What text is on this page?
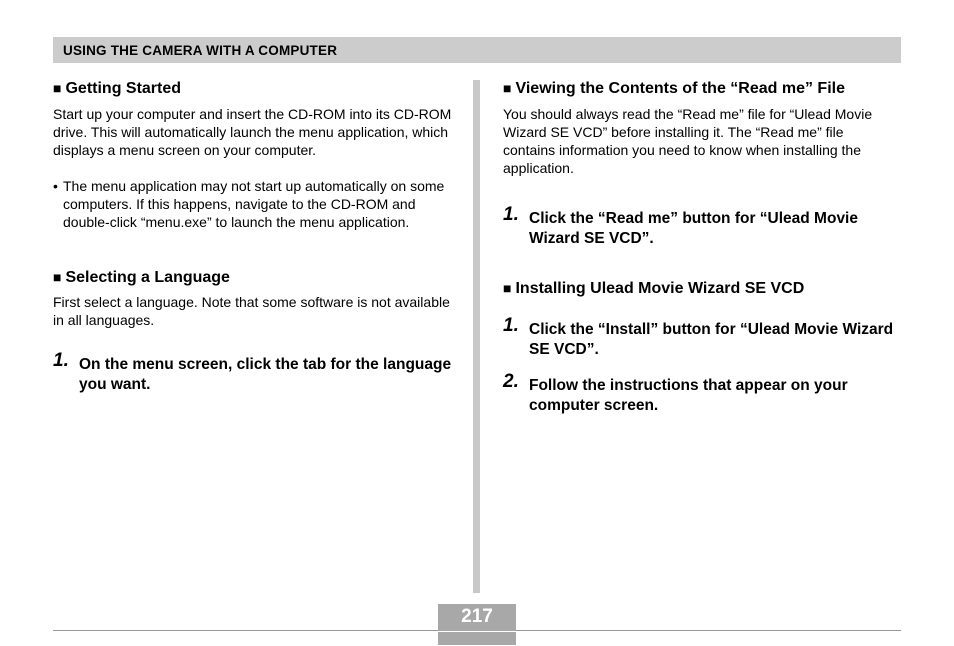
USING THE CAMERA WITH A COMPUTER
■ Getting Started

Start up your computer and insert the CD-ROM into its CD-ROM drive. This will automatically launch the menu application, which displays a menu screen on your computer.

• The menu application may not start up automatically on some computers. If this happens, navigate to the CD-ROM and double-click “menu.exe” to launch the menu application.
■ Selecting a Language

First select a language. Note that some software is not available in all languages.

1. On the menu screen, click the tab for the language you want.
■ Viewing the Contents of the “Read me” File

You should always read the “Read me” file for “Ulead Movie Wizard SE VCD” before installing it. The “Read me” file contains information you need to know when installing the application.

1. Click the “Read me” button for “Ulead Movie Wizard SE VCD”.
■ Installing Ulead Movie Wizard SE VCD
1. Click the “Install” button for “Ulead Movie Wizard SE VCD”.
2. Follow the instructions that appear on your computer screen.
217
